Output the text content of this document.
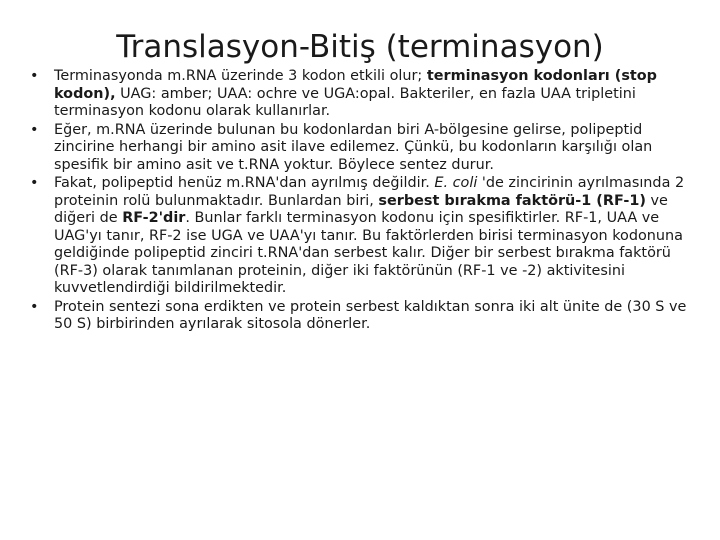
Translasyon-Bitiş (terminasyon)
•	Terminasyonda m.RNA üzerinde 3 kodon etkili olur; terminasyon kodonları (stop kodon), UAG: amber; UAA: ochre ve UGA:opal. Bakteriler, en fazla UAA tripletini terminasyon kodonu olarak kullanırlar.
•	Eğer, m.RNA üzerinde bulunan bu kodonlardan biri A-bölgesine gelirse, polipeptid zincirine herhangi bir amino asit ilave edilemez. Çünkü, bu kodonların karşılığı olan spesifik bir amino asit ve t.RNA yoktur. Böylece sentez durur.
•	Fakat, polipeptid henüz m.RNA'dan ayrılmış değildir. E. coli 'de zincirinin ayrılmasında 2 proteinin rolü bulunmaktadır. Bunlardan biri, serbest bırakma faktörü-1 (RF-1) ve diğeri de RF-2'dir. Bunlar farklı terminasyon kodonu için spesifiktirler. RF-1, UAA ve UAG'yı tanır, RF-2 ise UGA ve UAA'yı tanır. Bu faktörlerden birisi terminasyon kodonuna geldiğinde polipeptid zinciri t.RNA'dan serbest kalır. Diğer bir serbest bırakma faktörü (RF-3) olarak tanımlanan proteinin, diğer iki faktörünün (RF-1 ve -2) aktivitesini kuvvetlendirdiği bildirilmektedir.
•	Protein sentezi sona erdikten ve protein serbest kaldıktan sonra iki alt ünite de (30 S ve 50 S) birbirinden ayrılarak sitosola dönerler.
